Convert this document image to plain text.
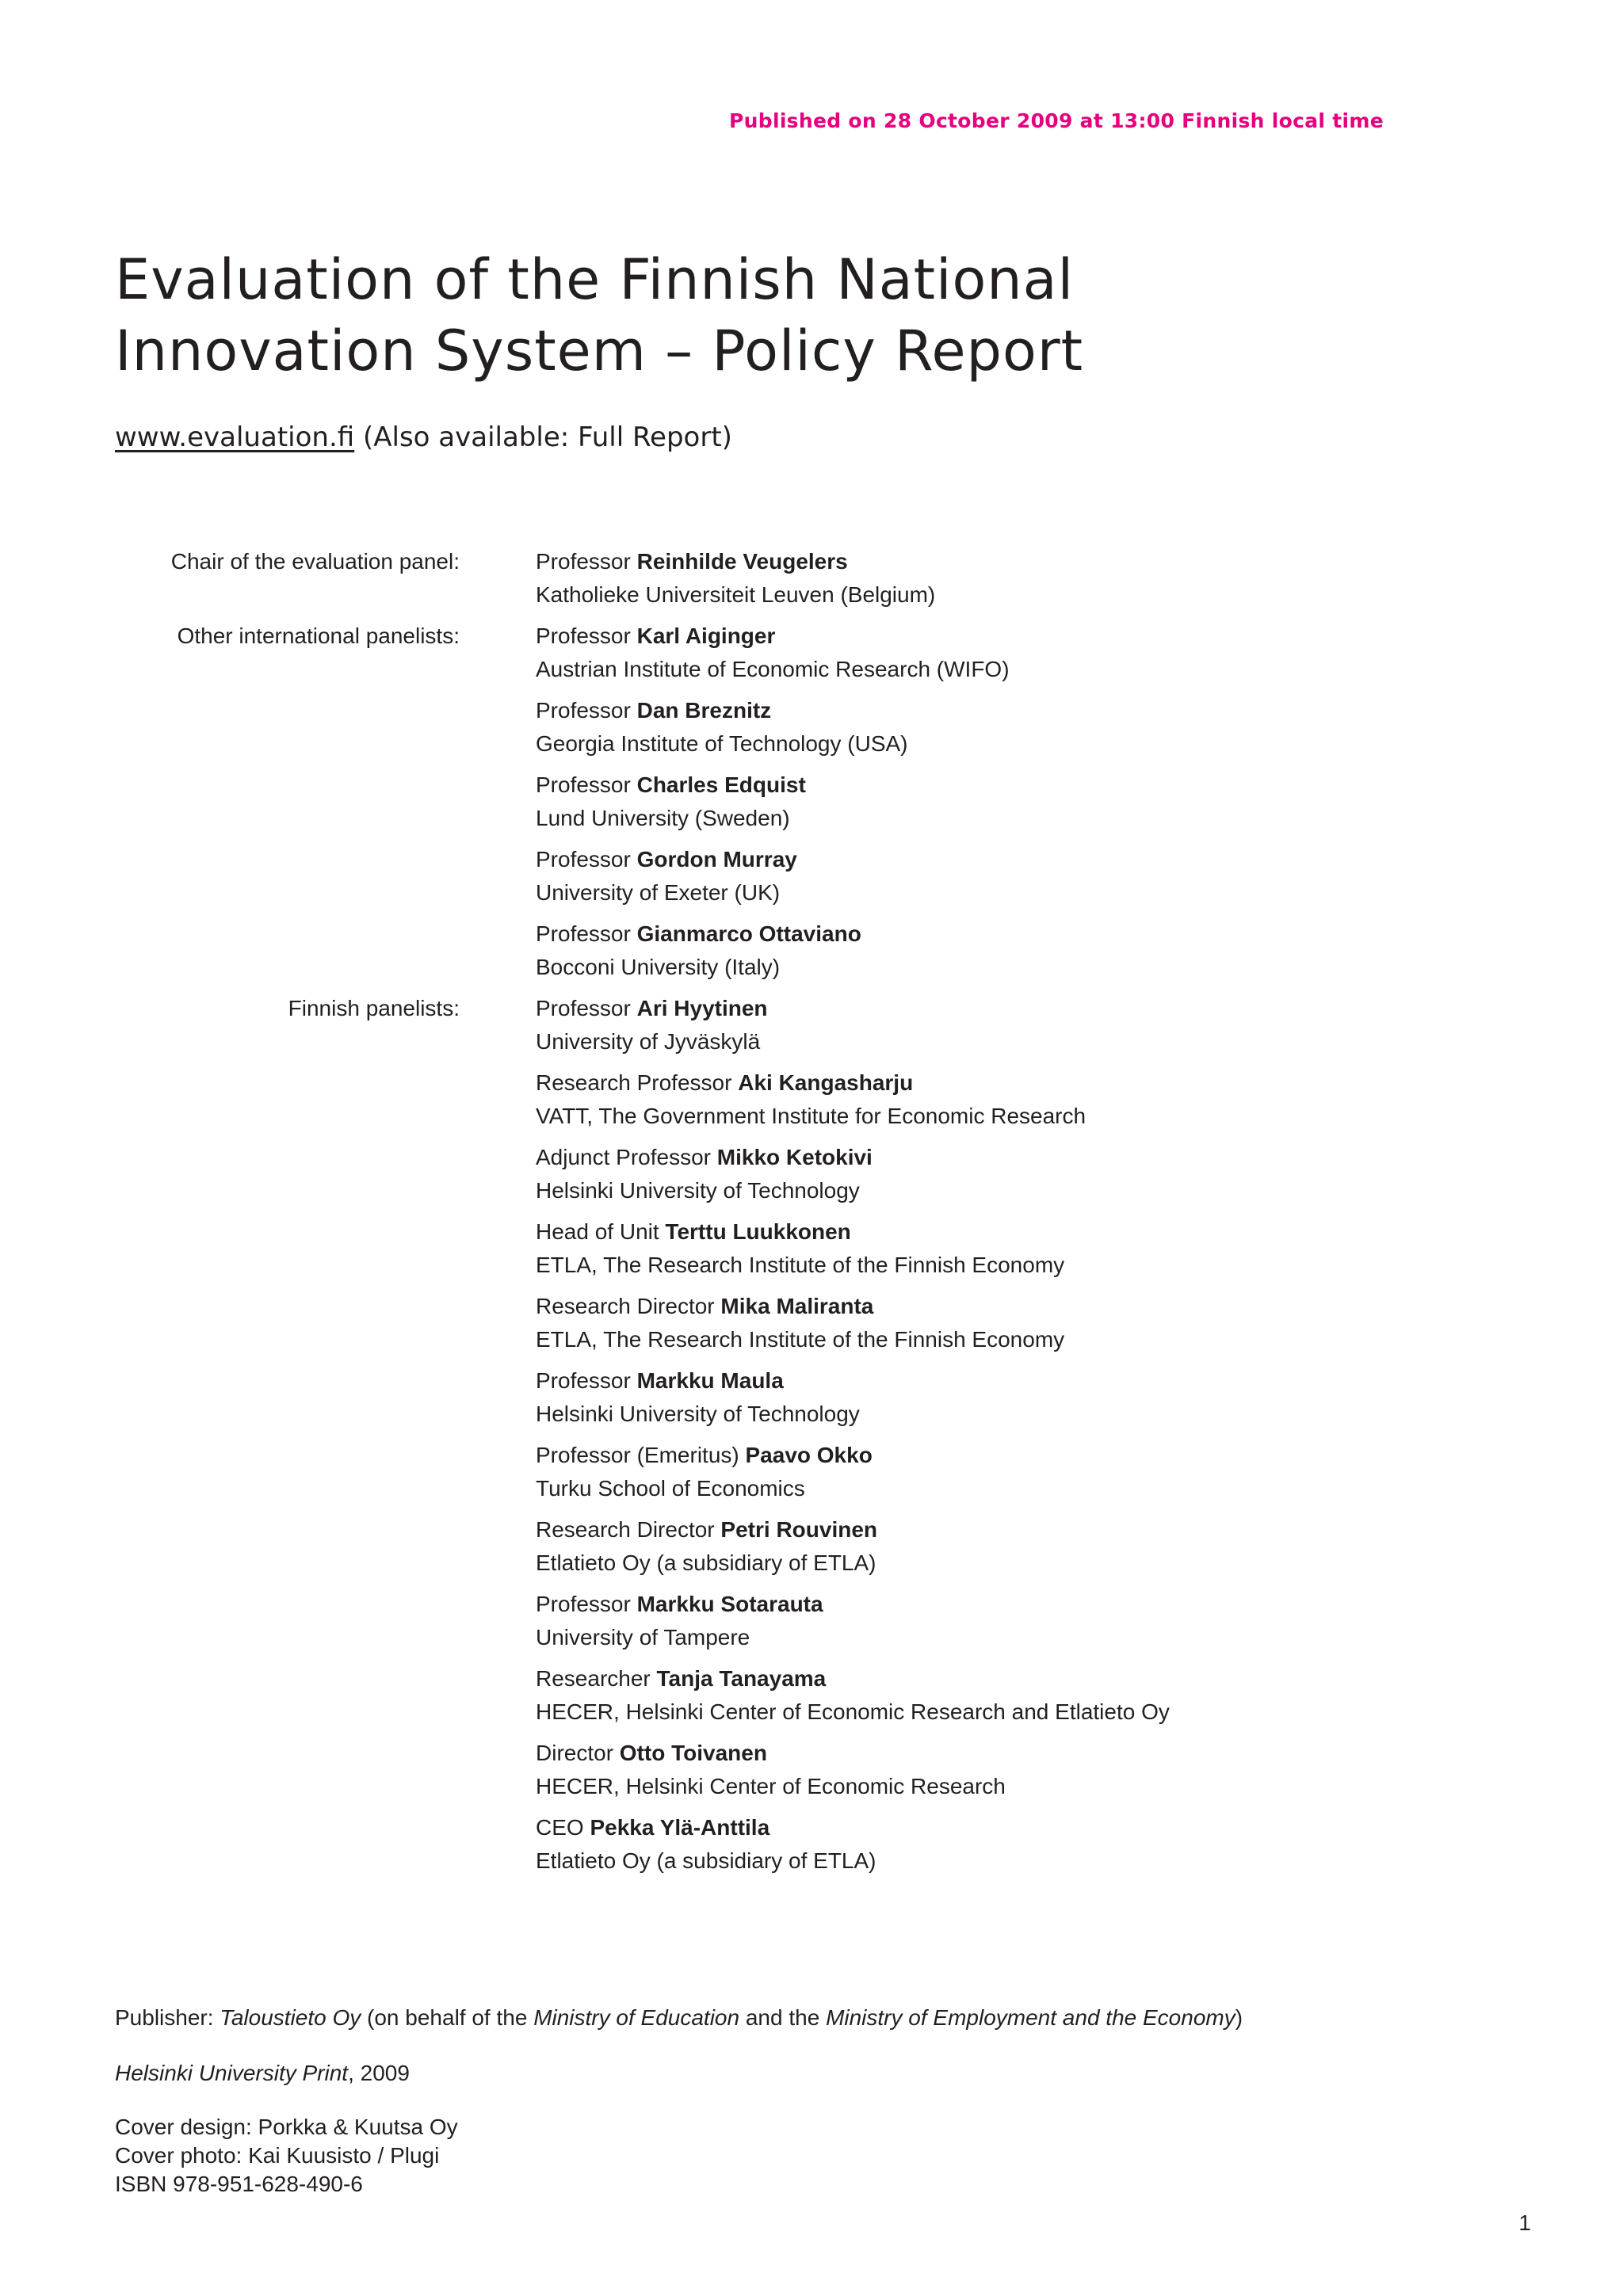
Published on 28 October 2009 at 13:00 Finnish local time
Evaluation of the Finnish National
Innovation System – Policy Report
www.evaluation.fi (Also available: Full Report)
Chair of the evaluation panel:	Professor Reinhilde Veugelers
Katholieke Universiteit Leuven (Belgium)
Other international panelists:	Professor Karl Aiginger
Austrian Institute of Economic Research (WIFO)
Professor Dan Breznitz
Georgia Institute of Technology (USA)
Professor Charles Edquist
Lund University (Sweden)
Professor Gordon Murray
University of Exeter (UK)
Professor Gianmarco Ottaviano
Bocconi University (Italy)
Finnish panelists:	Professor Ari Hyytinen
University of Jyväskylä
Research Professor Aki Kangasharju
VATT, The Government Institute for Economic Research
Adjunct Professor Mikko Ketokivi
Helsinki University of Technology
Head of Unit Terttu Luukkonen
ETLA, The Research Institute of the Finnish Economy
Research Director Mika Maliranta
ETLA, The Research Institute of the Finnish Economy
Professor Markku Maula
Helsinki University of Technology
Professor (Emeritus) Paavo Okko
Turku School of Economics
Research Director Petri Rouvinen
Etlatieto Oy (a subsidiary of ETLA)
Professor Markku Sotarauta
University of Tampere
Researcher Tanja Tanayama
HECER, Helsinki Center of Economic Research and Etlatieto Oy
Director Otto Toivanen
HECER, Helsinki Center of Economic Research
CEO Pekka Ylä-Anttila
Etlatieto Oy (a subsidiary of ETLA)
Publisher: Taloustieto Oy (on behalf of the Ministry of Education and the Ministry of Employment and the Economy)
Helsinki University Print, 2009
Cover design: Porkka & Kuutsa Oy
Cover photo: Kai Kuusisto / Plugi
ISBN 978-951-628-490-6
1
